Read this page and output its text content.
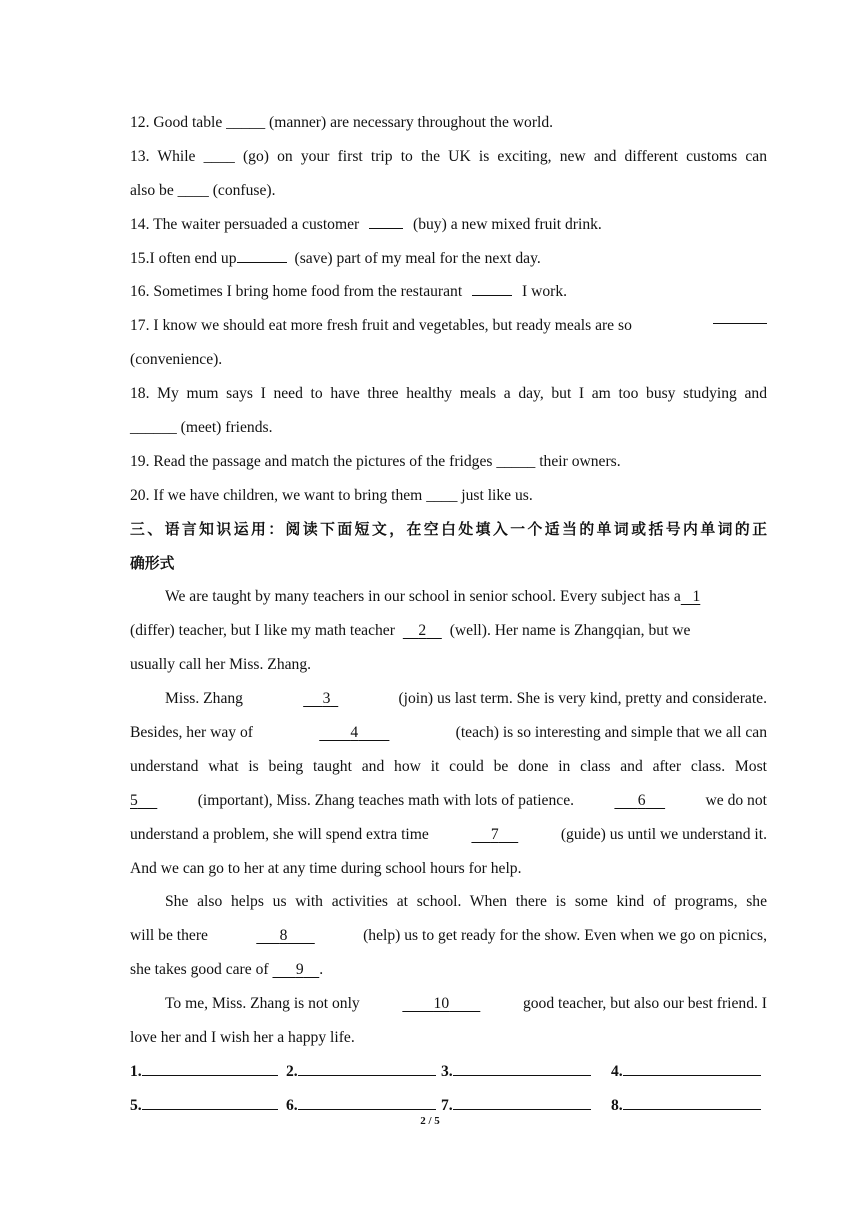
12. Good table _____ (manner) are necessary throughout the world.
13. While ____ (go) on your first trip to the UK is exciting, new and different customs can
also be ____ (confuse).
14. The waiter persuaded a customer	(buy) a new mixed fruit drink.
15.I often end up	(save) part of my meal for the next day.
16. Sometimes I bring home food from the restaurant	I work.
17. I know we should eat more fresh fruit and vegetables, but ready meals are so
(convenience).
18. My mum says I need to have three healthy meals a day, but I am too busy studying and
______ (meet) friends.
19. Read the passage and match the pictures of the fridges _____ their owners.
20. If we have children, we want to bring them ____ just like us.
三、语言知识运用：阅读下面短文，在空白处填入一个适当的单词或括号内单词的正
确形式
We are taught by many teachers in our school in senior school. Every subject has a 1
(differ) teacher, but I like my math teacher 2 (well). Her name is Zhangqian, but we
usually call her Miss. Zhang.
Miss. Zhang	3	(join) us last term. She is very kind, pretty and considerate.
Besides, her way of	4	(teach) is so interesting and simple that we all can
understand what is being taught and how it could be done in class and after class. Most
5	(important), Miss. Zhang teaches math with lots of patience.	6	we do not
understand a problem, she will spend extra time	7	(guide) us until we understand it.
And we can go to her at any time during school hours for help.
She also helps us with activities at school. When there is some kind of programs, she
will be there	8	(help) us to get ready for the show. Even when we go on picnics,
she takes good care of 9 .
To me, Miss. Zhang is not only	10	good teacher, but also our best friend. I
love her and I wish her a happy life.
1.	2.	3.	4.
5.	6.	7.	8.
2 / 5
